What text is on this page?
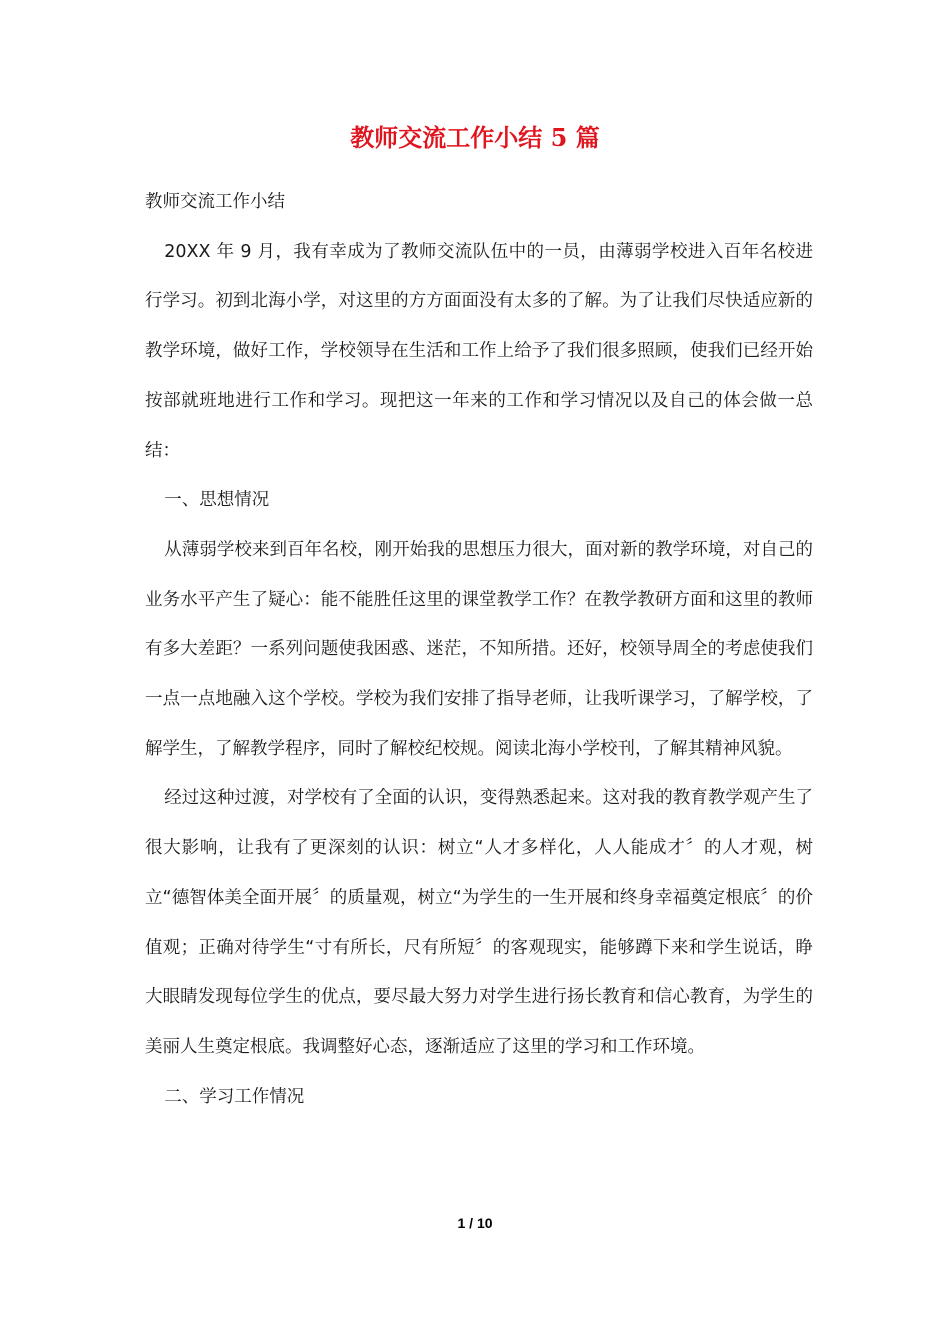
教师交流工作小结 5 篇

教师交流工作小结

20XX 年 9 月，我有幸成为了教师交流队伍中的一员，由薄弱学校进入百年名校进行学习。初到北海小学，对这里的方方面面没有太多的了解。为了让我们尽快适应新的教学环境，做好工作，学校领导在生活和工作上给予了我们很多照顾，使我们已经开始按部就班地进行工作和学习。现把这一年来的工作和学习情况以及自己的体会做一总结：

一、思想情况

从薄弱学校来到百年名校，刚开始我的思想压力很大，面对新的教学环境，对自己的业务水平产生了疑心：能不能胜任这里的课堂教学工作？在教学教研方面和这里的教师有多大差距？一系列问题使我困惑、迷茫，不知所措。还好，校领导周全的考虑使我们一点一点地融入这个学校。学校为我们安排了指导老师，让我听课学习，了解学校，了解学生，了解教学程序，同时了解校纪校规。阅读北海小学校刊，了解其精神风貌。

经过这种过渡，对学校有了全面的认识，变得熟悉起来。这对我的教育教学观产生了很大影响，让我有了更深刻的认识：树立“人才多样化，人人能成才〞的人才观，树立“德智体美全面开展〞的质量观，树立“为学生的一生开展和终身幸福奠定根底〞的价值观；正确对待学生“寸有所长，尺有所短〞的客观现实，能够蹲下来和学生说话，睁大眼睛发现每位学生的优点，要尽最大努力对学生进行扬长教育和信心教育，为学生的美丽人生奠定根底。我调整好心态，逐渐适应了这里的学习和工作环境。

二、学习工作情况

1 / 10
